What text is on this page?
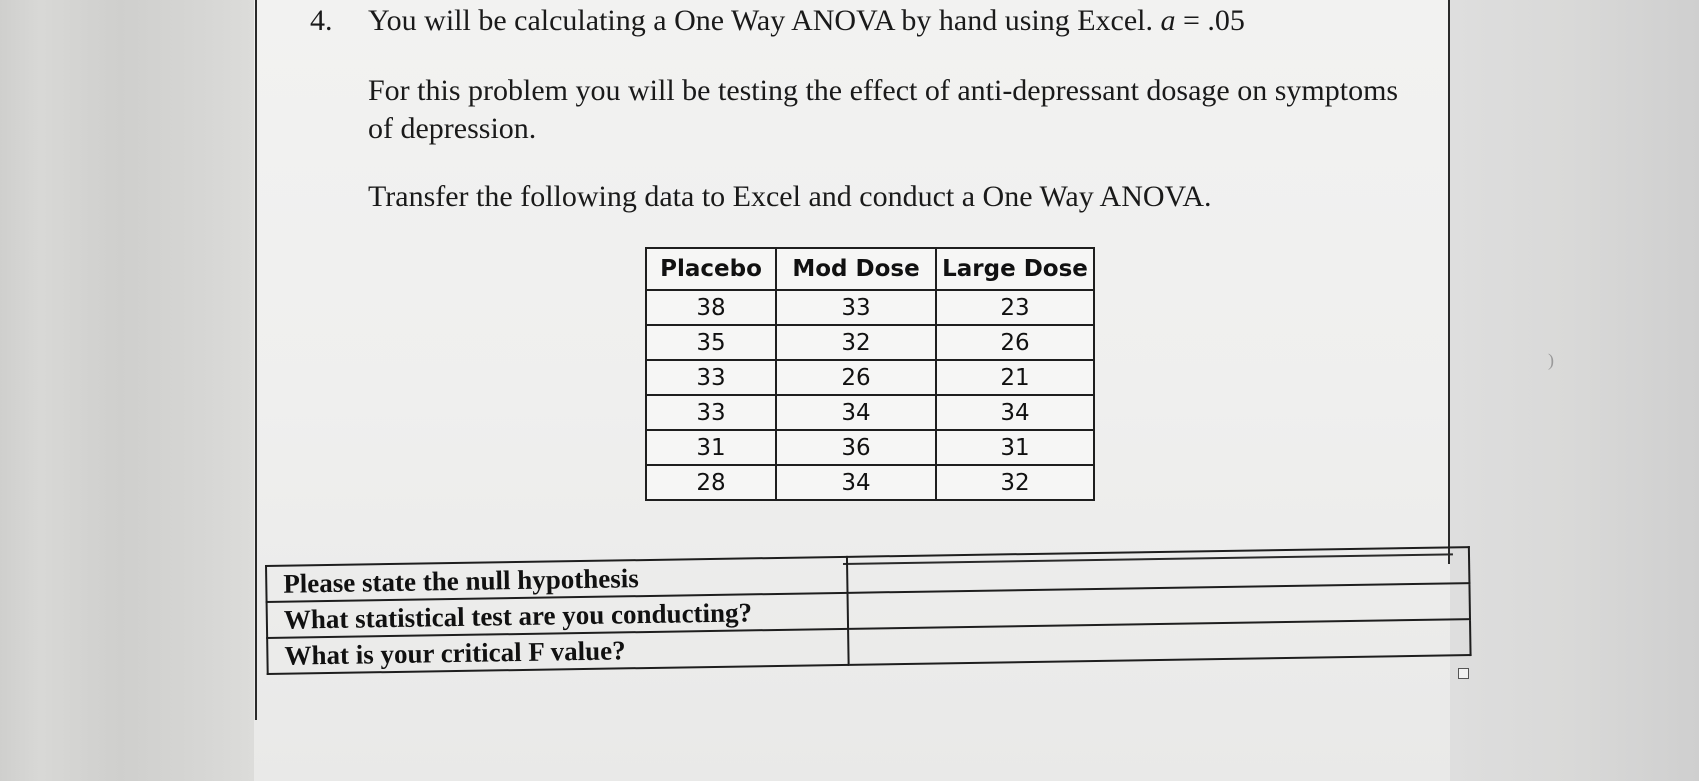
4. You will be calculating a One Way ANOVA by hand using Excel. a = .05
For this problem you will be testing the effect of anti-depressant dosage on symptoms of depression.
Transfer the following data to Excel and conduct a One Way ANOVA.
Placebo	Mod Dose	Large Dose
38	33	23
35	32	26
33	26	21
33	34	34
31	36	31
28	34	32
Please state the null hypothesis	
What statistical test are you conducting?	
What is your critical F value?	
)
